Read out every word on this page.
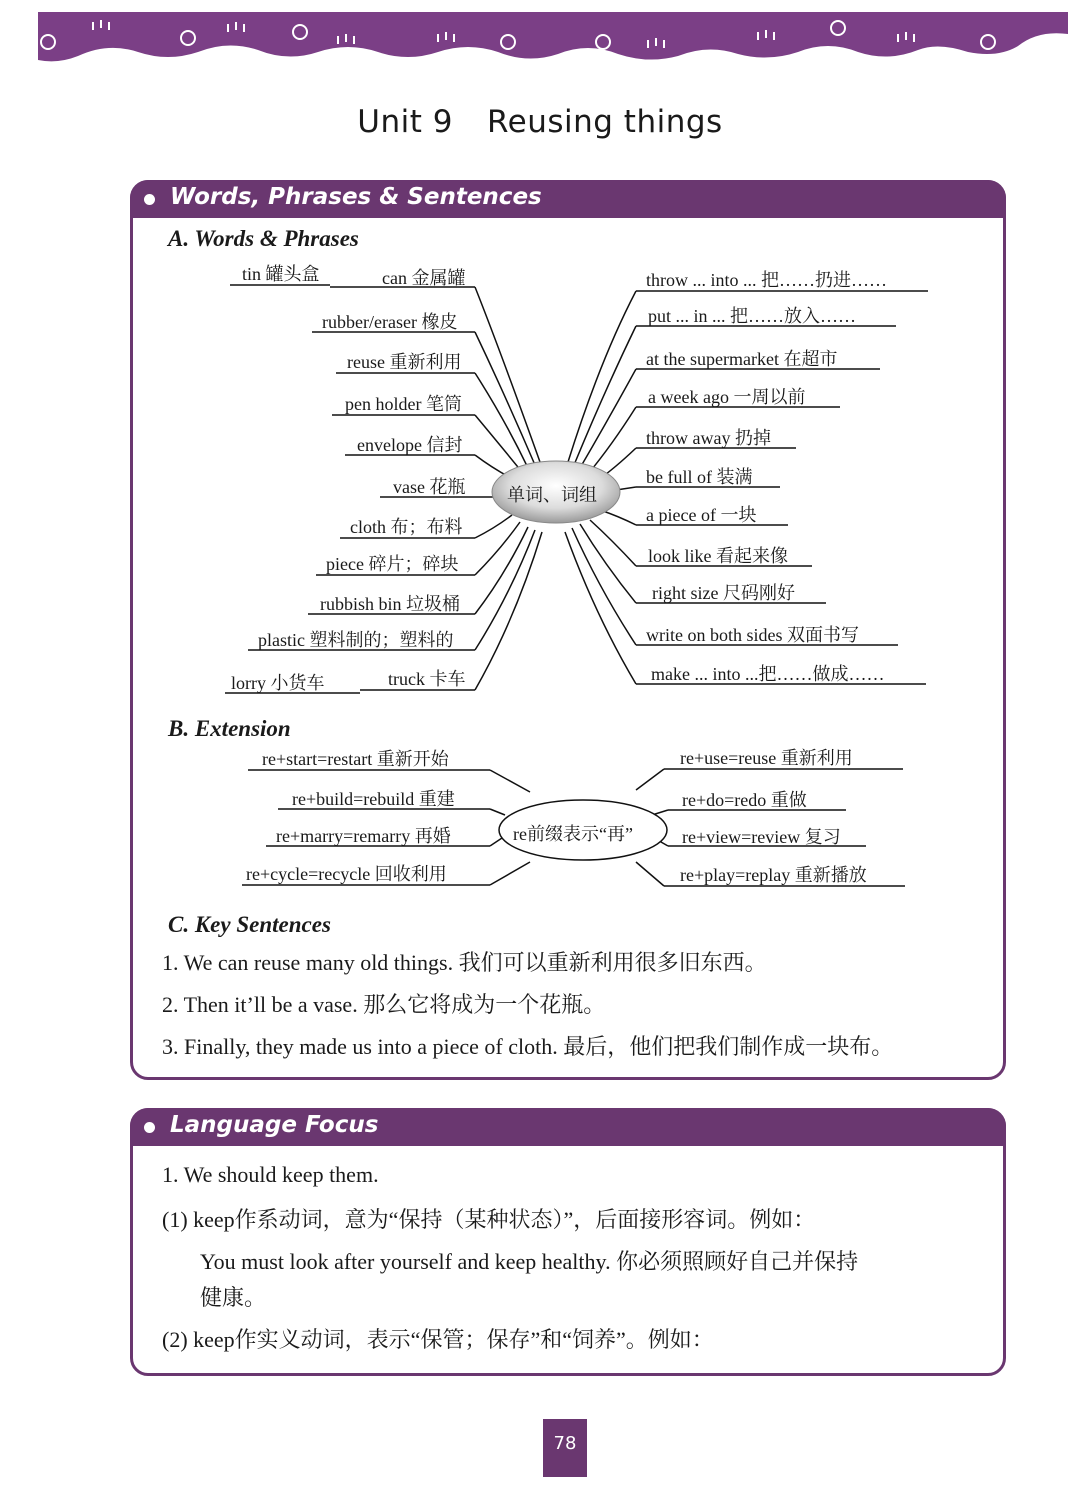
Unit 9 Reusing things
Words, Phrases & Sentences
A. Words & Phrases
单词、词组
tin 罐头盒	can 金属罐
rubber/eraser 橡皮
reuse 重新利用
pen holder 笔筒
envelope 信封
vase 花瓶
cloth 布；布料
piece 碎片；碎块
rubbish bin 垃圾桶
plastic 塑料制的；塑料的
lorry 小货车	truck 卡车
throw ... into ... 把……扔进……
put ... in ... 把……放入……
at the supermarket 在超市
a week ago 一周以前
throw away 扔掉
be full of 装满
a piece of 一块
look like 看起来像
right size 尺码刚好
write on both sides 双面书写
make ... into ...把……做成……
B. Extension
re前缀表示“再”
re+start=restart 重新开始
re+build=rebuild 重建
re+marry=remarry 再婚
re+cycle=recycle 回收利用
re+use=reuse 重新利用
re+do=redo 重做
re+view=review 复习
re+play=replay 重新播放
C. Key Sentences
1. We can reuse many old things. 我们可以重新利用很多旧东西。
2. Then it’ll be a vase. 那么它将成为一个花瓶。
3. Finally, they made us into a piece of cloth. 最后，他们把我们制作成一块布。
Language Focus
1. We should keep them.
(1) keep作系动词，意为“保持（某种状态）”，后面接形容词。例如：
You must look after yourself and keep healthy. 你必须照顾好自己并保持
健康。
(2) keep作实义动词，表示“保管；保存”和“饲养”。例如：
78
